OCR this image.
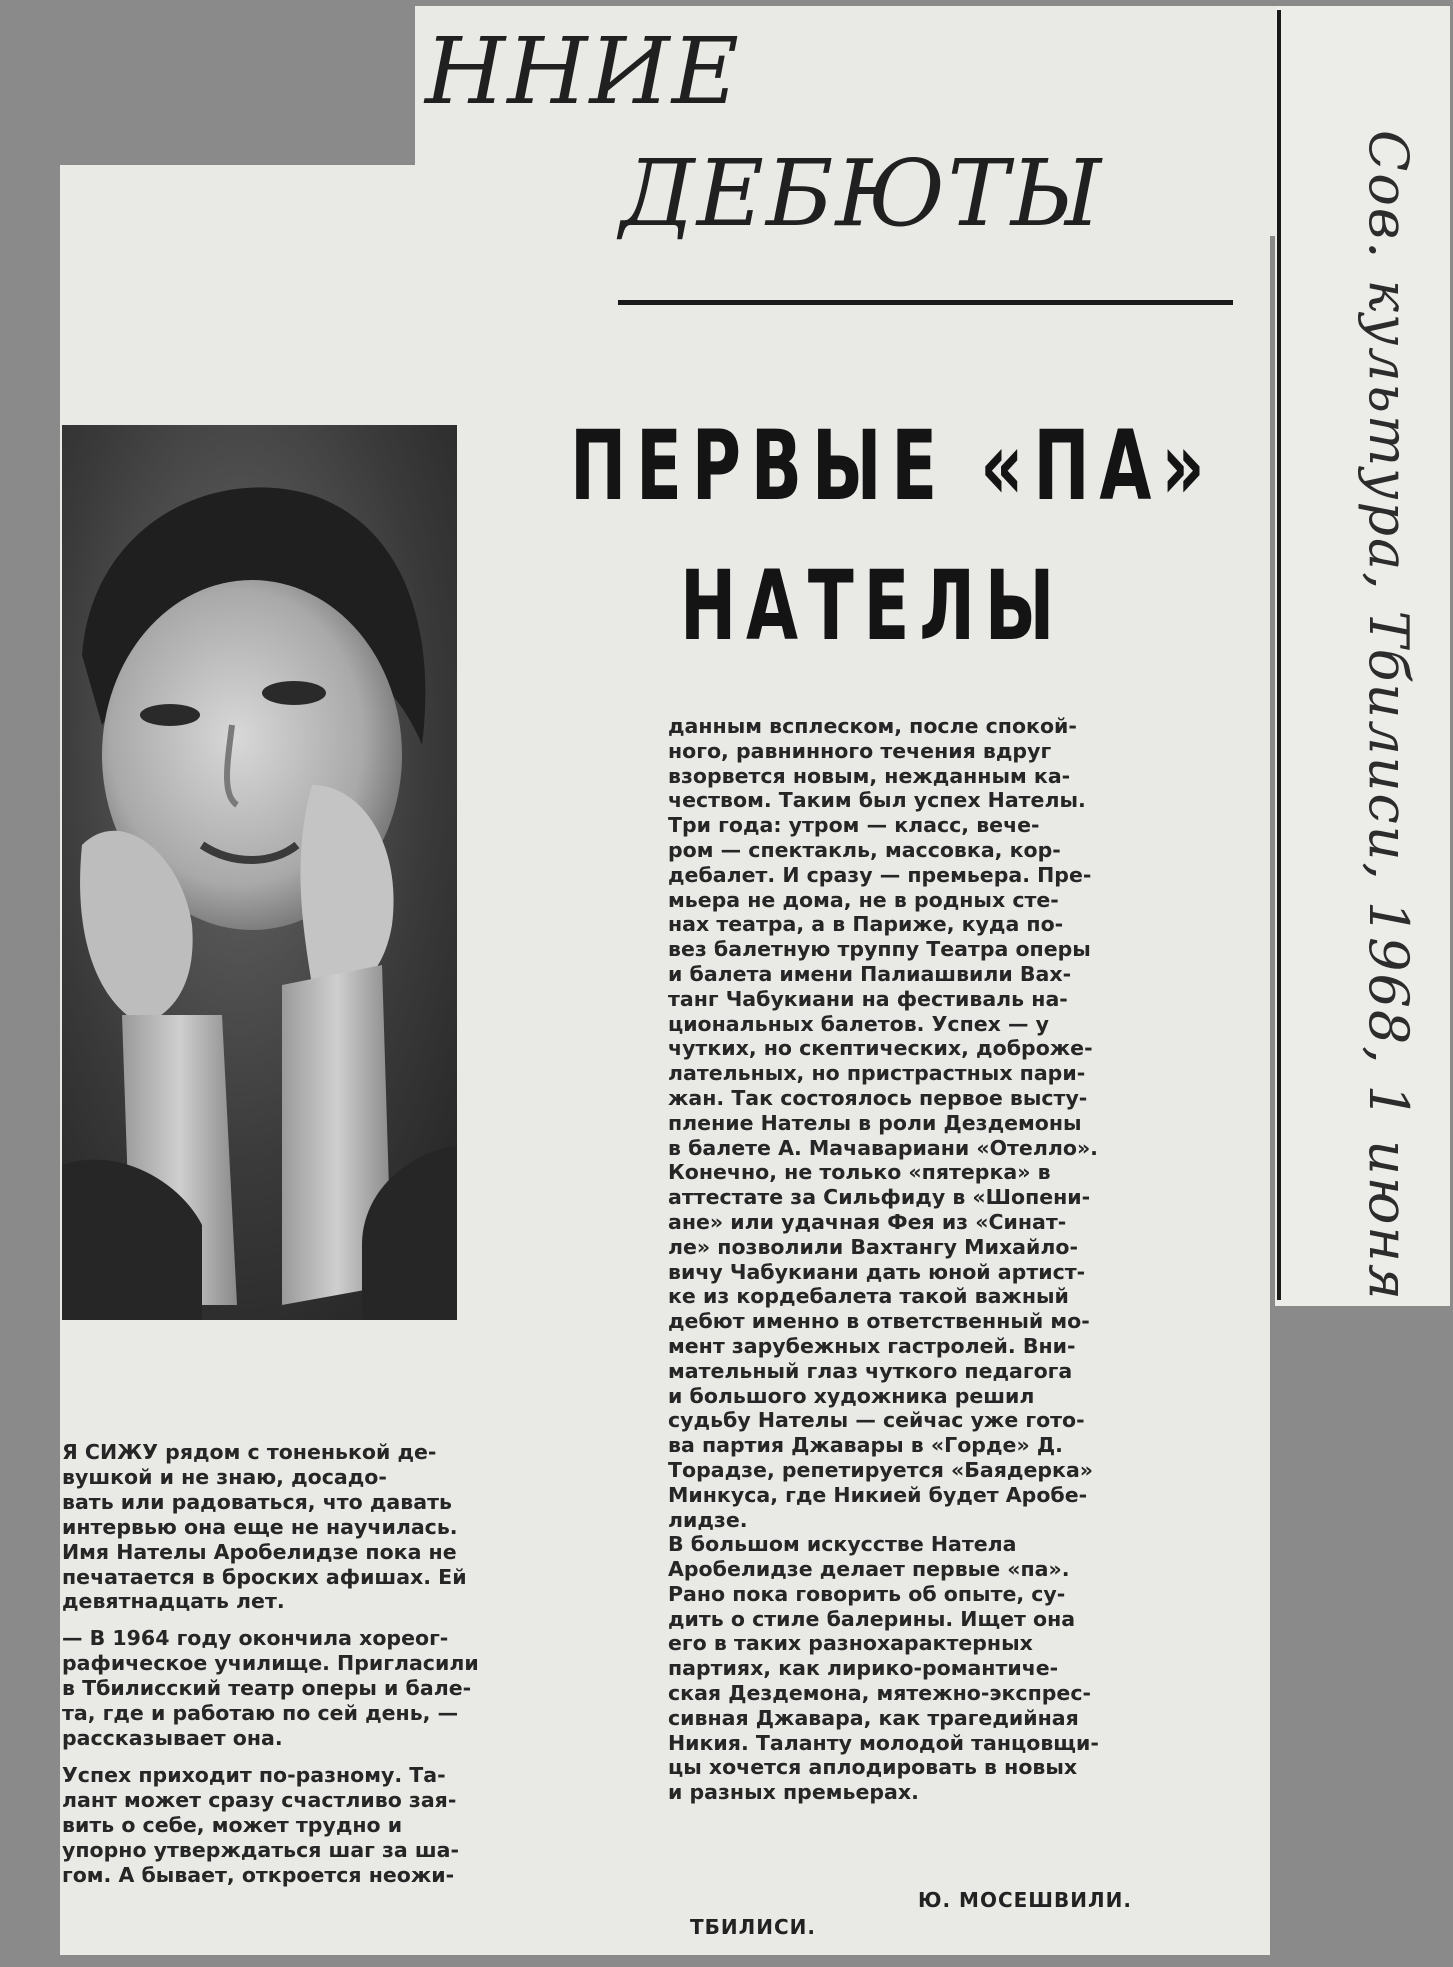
ННИЕ
ДЕБЮТЫ
ПЕРВЫЕ «ПА»
НАТЕЛЫ
Я СИЖУ рядом с тоненькой де-
вушкой и не знаю, досадо-
вать или радоваться, что давать
интервью она еще не научилась.
Имя Нателы Аробелидзе пока не
печатается в броских афишах. Ей
девятнадцать лет.
— В 1964 году окончила хореог-
рафическое училище. Пригласили
в Тбилисский театр оперы и бале-
та, где и работаю по сей день, —
рассказывает она.
Успех приходит по-разному. Та-
лант может сразу счастливо зая-
вить о себе, может трудно и
упорно утверждаться шаг за ша-
гом. А бывает, откроется неожи-
данным всплеском, после спокой-
ного, равнинного течения вдруг
взорвется новым, нежданным ка-
чеством. Таким был успех Нателы.
Три года: утром — класс, вече-
ром — спектакль, массовка, кор-
дебалет. И сразу — премьера. Пре-
мьера не дома, не в родных сте-
нах театра, а в Париже, куда по-
вез балетную труппу Театра оперы
и балета имени Палиашвили Вах-
танг Чабукиани на фестиваль на-
циональных балетов. Успех — у
чутких, но скептических, доброже-
лательных, но пристрастных пари-
жан. Так состоялось первое высту-
пление Нателы в роли Дездемоны
в балете А. Мачавариани «Отелло».
Конечно, не только «пятерка» в
аттестате за Сильфиду в «Шопени-
ане» или удачная Фея из «Синат-
ле» позволили Вахтангу Михайло-
вичу Чабукиани дать юной артист-
ке из кордебалета такой важный
дебют именно в ответственный мо-
мент зарубежных гастролей. Вни-
мательный глаз чуткого педагога
и большого художника решил
судьбу Нателы — сейчас уже гото-
ва партия Джавары в «Горде» Д.
Торадзе, репетируется «Баядерка»
Минкуса, где Никией будет Аробе-
лидзе.
В большом искусстве Натела
Аробелидзе делает первые «па».
Рано пока говорить об опыте, су-
дить о стиле балерины. Ищет она
его в таких разнохарактерных
партиях, как лирико-романтиче-
ская Дездемона, мятежно-экспрес-
сивная Джавара, как трагедийная
Никия. Таланту молодой танцовщи-
цы хочется аплодировать в новых
и разных премьерах.
Ю. МОСЕШВИЛИ.
ТБИЛИСИ.
Сов. культура, Тбилиси, 1968, 1 июня
